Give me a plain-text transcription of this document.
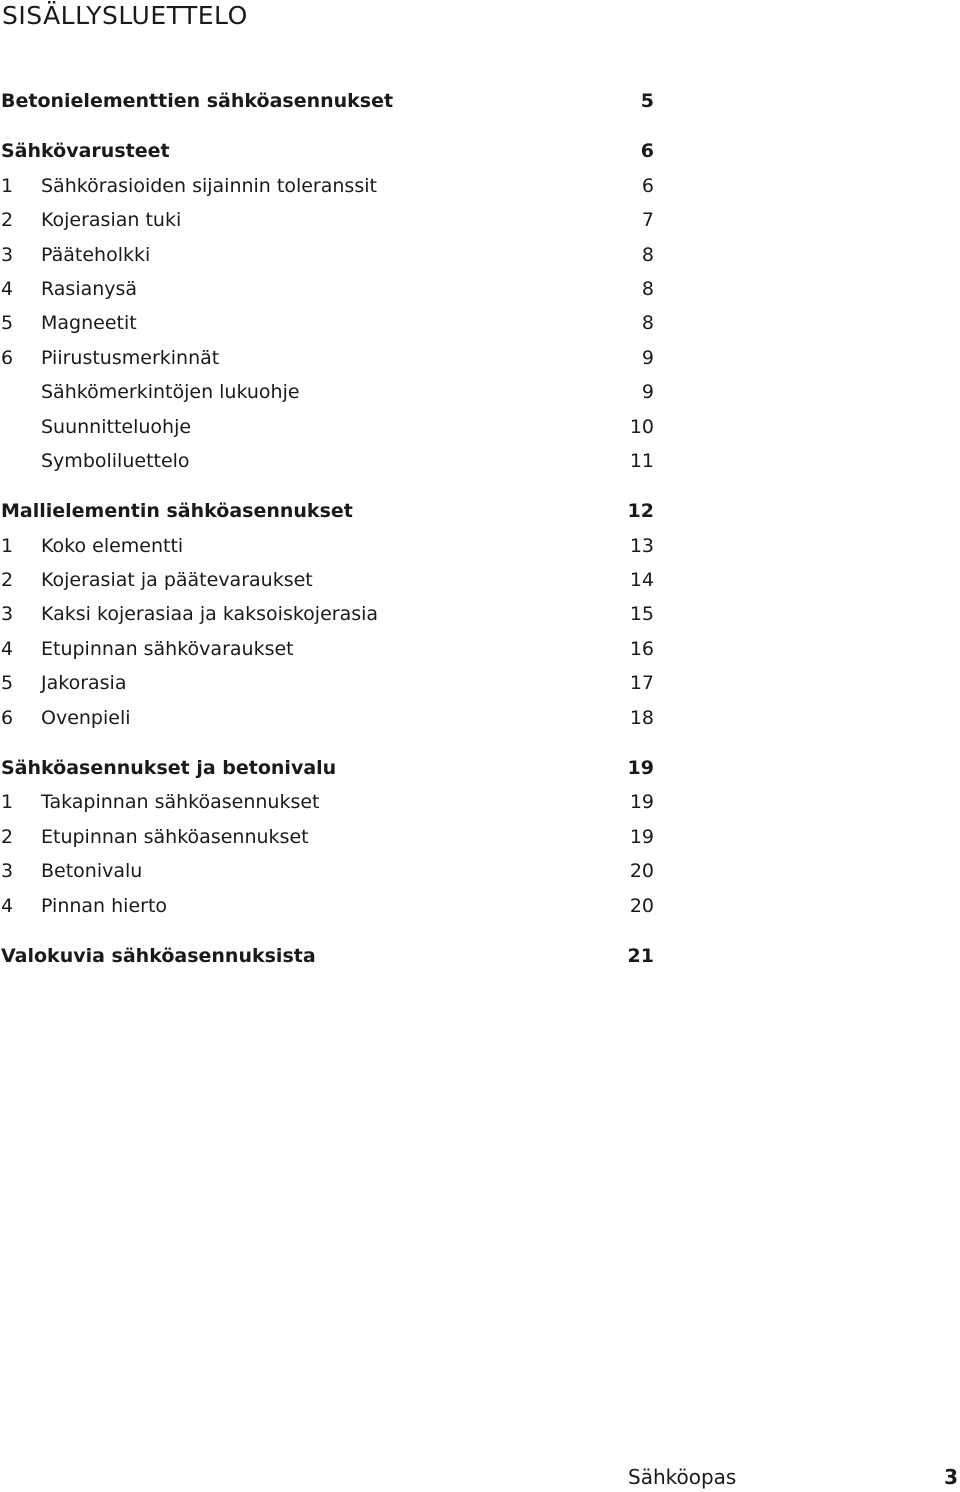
SISÄLLYSLUETTELO
Betonielementtien sähköasennukset	5
Sähkövarusteet	6
1 Sähkörasioiden sijainnin toleranssit	6
2 Kojerasian tuki	7
3 Pääteholkki	8
4 Rasianysä	8
5 Magneetit	8
6 Piirustusmerkinnät	9
Sähkömerkintöjen lukuohje	9
Suunnitteluohje	10
Symboliluettelo	11
Mallielementin sähköasennukset	12
1 Koko elementti	13
2 Kojerasiat ja päätevaraukset	14
3 Kaksi kojerasiaa ja kaksoiskojerasia	15
4 Etupinnan sähkövaraukset	16
5 Jakorasia	17
6 Ovenpieli	18
Sähköasennukset ja betonivalu	19
1 Takapinnan sähköasennukset	19
2 Etupinnan sähköasennukset	19
3 Betonivalu	20
4 Pinnan hierto	20
Valokuvia sähköasennuksista	21
Sähköopas	3
